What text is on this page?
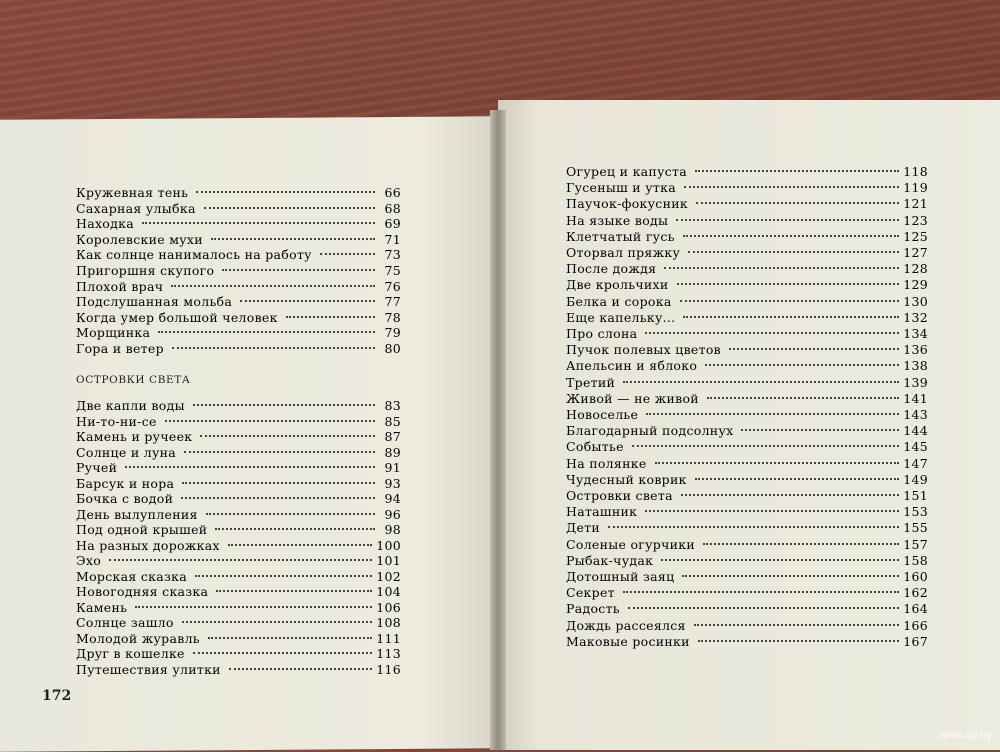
Кружевная тень	66
Сахарная улыбка	68
Находка	69
Королевские мухи	71
Как солнце нанималось на работу	73
Пригоршня скупого	75
Плохой врач	76
Подслушанная мольба	77
Когда умер большой человек	78
Морщинка	79
Гора и ветер	80
ОСТРОВКИ СВЕТА
Две капли воды	83
Ни-то-ни-се	85
Камень и ручеек	87
Солнце и луна	89
Ручей	91
Барсук и нора	93
Бочка с водой	94
День вылупления	96
Под одной крышей	98
На разных дорожках	100
Эхо	101
Морская сказка	102
Новогодняя сказка	104
Камень	106
Солнце зашло	108
Молодой журавль	111
Друг в кошелке	113
Путешествия улитки	116
172
Огурец и капуста	118
Гусеныш и утка	119
Паучок-фокусник	121
На языке воды	123
Клетчатый гусь	125
Оторвал пряжку	127
После дождя	128
Две крольчихи	129
Белка и сорока	130
Еще капельку...	132
Про слона	134
Пучок полевых цветов	136
Апельсин и яблоко	138
Третий	139
Живой — не живой	141
Новоселье	143
Благодарный подсолнух	144
Событье	145
На полянке	147
Чудесный коврик	149
Островки света	151
Наташник	153
Дети	155
Соленые огурчики	157
Рыбак-чудак	158
Дотошный заяц	160
Секрет	162
Радость	164
Дождь рассеялся	166
Маковые росинки	167
www.ay.by
